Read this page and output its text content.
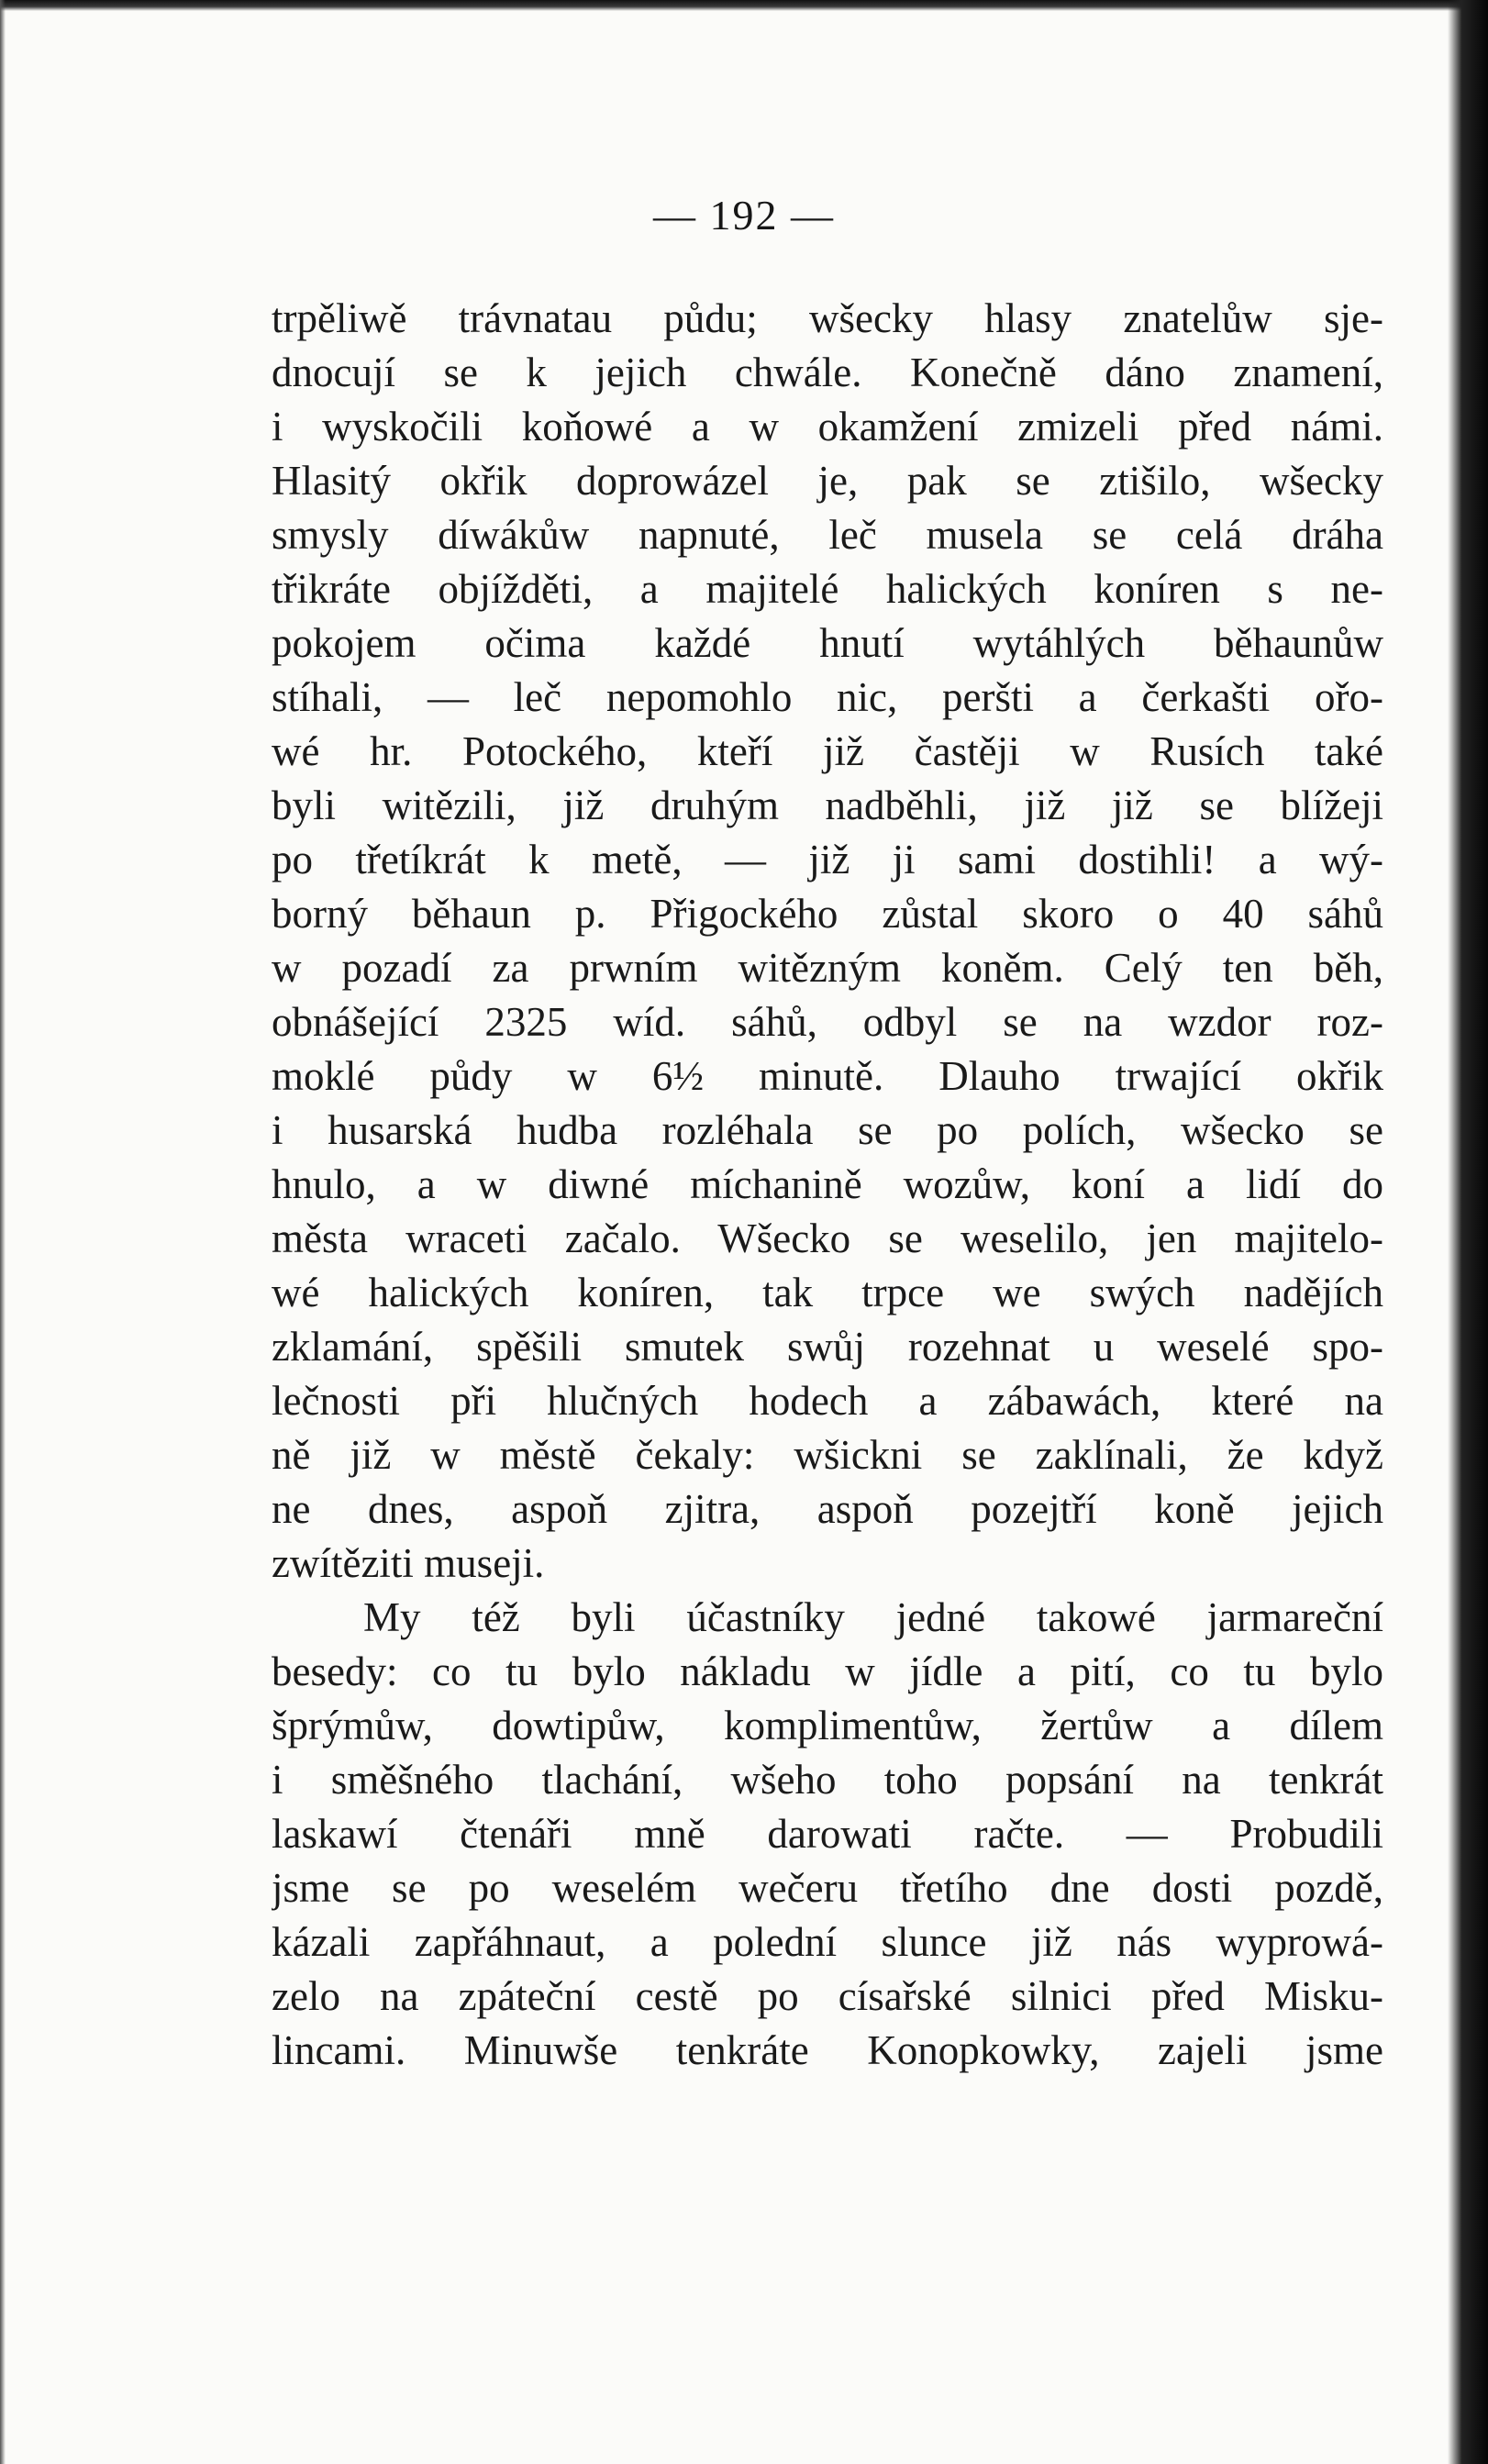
— 192 —
trpěliwě trávnatau půdu; wšecky hlasy znatelůw sje-
dnocují se k jejich chwále. Konečně dáno znamení,
i wyskočili koňowé a w okamžení zmizeli před námi.
Hlasitý okřik doprowázel je, pak se ztišilo, wšecky
smysly díwákůw napnuté, leč musela se celá dráha
třikráte objížděti, a majitelé halických koníren s ne-
pokojem očima každé hnutí wytáhlých běhaunůw
stíhali, — leč nepomohlo nic, peršti a čerkašti ořo-
wé hr. Potockého, kteří již častěji w Rusích také
byli witězili, již druhým nadběhli, již již se blížeji
po třetíkrát k metě, — již ji sami dostihli! a wý-
borný běhaun p. Přigockého zůstal skoro o 40 sáhů
w pozadí za prwním witězným koněm. Celý ten běh,
obnášející 2325 wíd. sáhů, odbyl se na wzdor roz-
moklé půdy w 6½ minutě. Dlauho trwající okřik
i husarská hudba rozléhala se po polích, wšecko se
hnulo, a w diwné míchanině wozůw, koní a lidí do
města wraceti začalo. Wšecko se weselilo, jen majitelo-
wé halických koníren, tak trpce we swých nadějích
zklamání, spěšili smutek swůj rozehnat u weselé spo-
lečnosti při hlučných hodech a zábawách, které na
ně již w městě čekaly: wšickni se zaklínali, že když
ne dnes, aspoň zjitra, aspoň pozejtří koně jejich
zwítěziti museji.
My též byli účastníky jedné takowé jarmareční
besedy: co tu bylo nákladu w jídle a pití, co tu bylo
šprýmůw, dowtipůw, komplimentůw, žertůw a dílem
i směšného tlachání, wšeho toho popsání na tenkrát
laskawí čtenáři mně darowati račte. — Probudili
jsme se po weselém wečeru třetího dne dosti pozdě,
kázali zapřáhnaut, a polední slunce již nás wyprowá-
zelo na zpáteční cestě po císařské silnici před Misku-
lincami. Minuwše tenkráte Konopkowky, zajeli jsme
